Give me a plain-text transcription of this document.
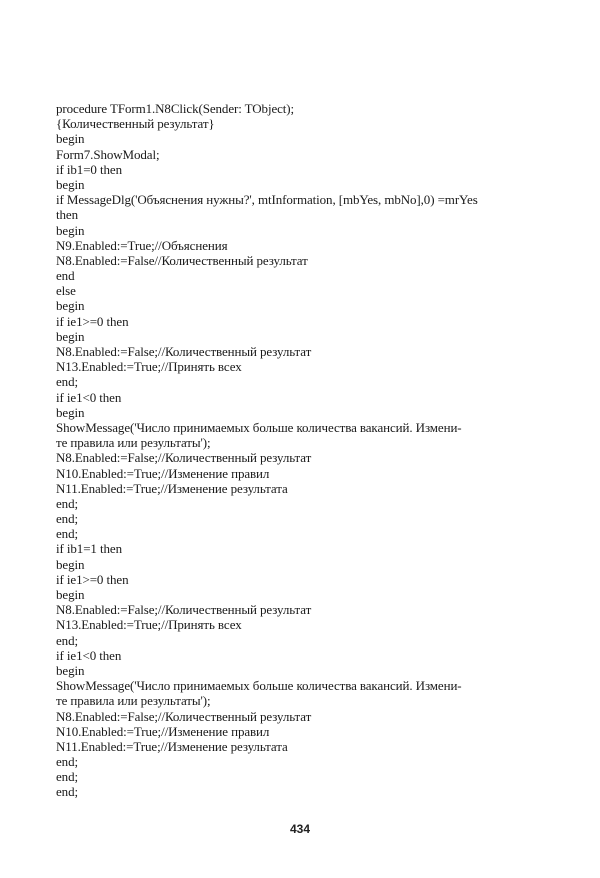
procedure TForm1.N8Click(Sender: TObject);
{Количественный результат}
begin
Form7.ShowModal;
if ib1=0 then
begin
if MessageDlg('Объяснения нужны?', mtInformation, [mbYes, mbNo],0) =mrYes
then
begin
N9.Enabled:=True;//Объяснения
N8.Enabled:=False//Количественный результат
end
else
begin
if ie1>=0 then
begin
N8.Enabled:=False;//Количественный результат
N13.Enabled:=True;//Принять всех
end;
if ie1<0 then
begin
ShowMessage('Число принимаемых больше количества вакансий. Измени-
те правила или результаты');
N8.Enabled:=False;//Количественный результат
N10.Enabled:=True;//Изменение правил
N11.Enabled:=True;//Изменение результата
end;
end;
end;
if ib1=1 then
begin
if ie1>=0 then
begin
N8.Enabled:=False;//Количественный результат
N13.Enabled:=True;//Принять всех
end;
if ie1<0 then
begin
ShowMessage('Число принимаемых больше количества вакансий. Измени-
те правила или результаты');
N8.Enabled:=False;//Количественный результат
N10.Enabled:=True;//Изменение правил
N11.Enabled:=True;//Изменение результата
end;
end;
end;
434
